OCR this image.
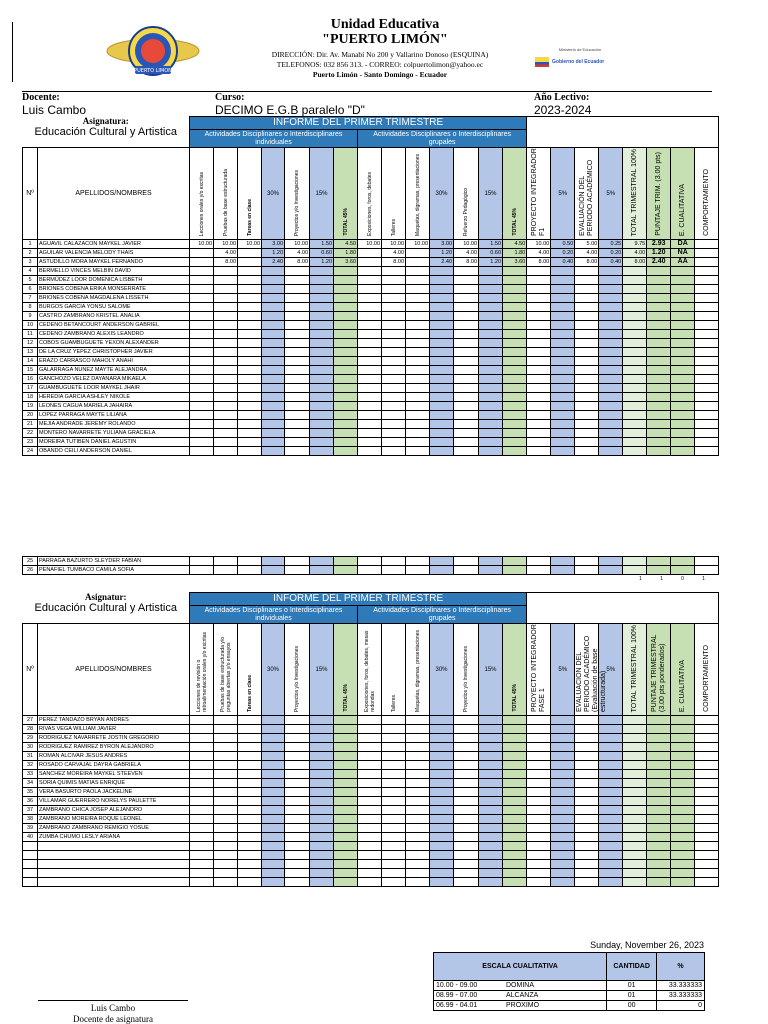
PUERTO LIMON
Unidad Educativa
"PUERTO LIMÓN"
DIRECCIÓN: Dir. Av. Manabí No 200 y Vallarino Donoso (ESQUINA)
TELEFONOS: 032 856 313. - CORREO: colpuertolimon@yahoo.ec
Puerto Limón - Santo Domingo - Ecuador
Ministerio de Educación
Gobierno del Ecuador
Docente:
Luis Cambo
Curso:
DECIMO E.G.B paralelo "D"
Año Lectivo:
2023-2024
Asignatura:
Educación Cultural y Artistica		INFORME DEL PRIMER TRIMESTRE																					
		Actividades Disciplinares o Interdisciplinares individuales							Actividades Disciplinares o Interdisciplinares grupales														
Nº	APELLIDOS/NOMBRES	Lecciones orales y/o escritas	Pruebas de base estructurada	Tareas en clase	30%	Proyectos y/o Investigaciones	15%	TOTAL 45%	Exposiciones, foros, debates	Talleres	Maquetas, digramas, presentaciones	30%	Refuerzo Pedagógico	15%	TOTAL 45%	PROYECTO INTEGRADOR F1	5%	EVALUACIÓN DEL PERIODO ACADÉMICO	5%	TOTAL TRIMESTRAL 100%	PUNTAJE TRIM. (3.00 pts)	E. CUALITATIVA	COMPORTAMIENTO
1	AGUAVIL CALAZACON MAYKEL JAVIER	10.00	10.00	10.00	3.00	10.00	1.50	4.50	10.00	10.00	10.00	3.00	10.00	1.50	4.50	10.00	0.50	5.00	0.25	9.75	2.93	DA	
2	AGUILAR VALENCIA MELODY THAIS		4.00		1.20	4.00	0.60	1.80		4.00		1.20	4.00	0.60	1.80	4.00	0.20	4.00	0.20	4.00	1.20	NA	
3	ASTUDILLO MORA MAYKEL FERNANDO		8.00		2.40	8.00	1.20	3.60		8.00		2.40	8.00	1.20	3.60	8.00	0.40	8.00	0.40	8.00	2.40	AA	
4	BERMELLO VINCES MELBIN DAVID																						
5	BERMÚDEZ LOOR DOMENICA LISBETH																						
6	BRIONES COBENA ERIKA MONSERRATE																						
7	BRIONES COBENA MAGDALENA LISSETH																						
8	BURGOS GARCIA YONSU SALOME																						
9	CASTRO ZAMBRANO KRISTEL ANALIA																						
10	CEDENO BETANCOURT ANDERSON GABRIEL																						
11	CEDENO ZAMBRANO ALEXIS LEANDRO																						
12	COBOS GUAMBUGUETE YEXON ALEXANDER																						
13	DE LA CRUZ YEPEZ CHRISTOPHER JAVIER																						
14	ERAZO CARRASCO MAHOLY ANAHI																						
15	GALARRAGA NUNEZ MAYTE ALEJANDRA																						
16	GANCHOZO VELEZ DAYANARA MIKAELA																						
17	GUAMBUGUETE LOOR MAYKEL JHAIR																						
18	HEREDIA GARCIA ASHLEY NIKOLE																						
19	LEONES CAGUA MARIELA JAHAIRA																						
20	LOPEZ PARRAGA MAYTE LILIANA																						
21	MEJIA ANDRADE JEREMY ROLANDO																						
22	MONTERO NAVARRETE YULIANA GRACIELA																						
23	MOREIRA TUTIBEN DANIEL AGUSTIN																						
24	OBANDO CEILI ANDERSON DANIEL																						
25	PARRAGA BAZURTO SLEYDER FABIAN																						
26	PENAFIEL TUMBACO CAMILA SOFIA																						
1	1	0	1
Asignatur:
Educación Cultural y Artistica		INFORME DEL PRIMER TRIMESTRE																					
		Actividades Disciplinares o Interdisciplinares individuales							Actividades Disciplinares o Interdisciplinares grupales														
Nº	APELLIDOS/NOMBRES	Lecciones de revisión o retroalimentación orales y/o escritas	Pruebas de base estructurada y/o preguntas abiertas y/o ensayos	Tareas en clase	30%	Proyectos y/o Investigaciones	15%	TOTAL 45%	Exposiciones, foros, debates, mesas redondas	Talleres	Maquetas, digramas, presentaciones	30%	Proyectos y/o Investigaciones	15%	TOTAL 45%	PROYECTO INTEGRADOR FASE 1	5%	EVALUACIÓN DEL PERIODO ACADÉMICO (Evaluación de base estructurada)	5%	TOTAL TRIMESTRAL 100%	PUNTAJE TRIMESTRAL (3.00 pts ponderados)	E. CUALITATIVA	COMPORTAMIENTO
27	PEREZ TANDAZO BRYAN ANDRES																						
28	RIVAS VEGA WILLIAM JAVIER																						
29	RODRIGUEZ NAVARRETE JOSTIN GREGORIO																						
30	RODRIGUEZ RAMIREZ BYRON ALEJANDRO																						
31	ROMAN ALCIVAR JESUS ANDRES																						
32	ROSADO CARVAJAL DAYRA GABRIELA																						
33	SANCHEZ MOREIRA MAYKEL STEEVEN																						
34	SORIA QUIMIS MATIAS ENRIQUE																						
35	VERA BASURTO PAOLA JACKELINE																						
36	VILLAMAR GUERRERO NORELYS PAULETTE																						
37	ZAMBRANO CHICA JOSEP ALEJANDRO																						
38	ZAMBRANO MOREIRA ROQUE LEONEL																						
39	ZAMBRANO ZAMBRANO REMIGIO YOSUE																						
40	ZUMBA CHUMO LESLY ARIANA																						

Sunday, November 26, 2023
ESCALA CUALITATIVA	CANTIDAD	%
10.00 - 09.00 DOMINA	01	33.333333
08.99 - 07.00 ALCANZA	01	33.333333
06.99 - 04.01 PRÓXIMO	00	0
Luis Cambo
Docente de asignatura
